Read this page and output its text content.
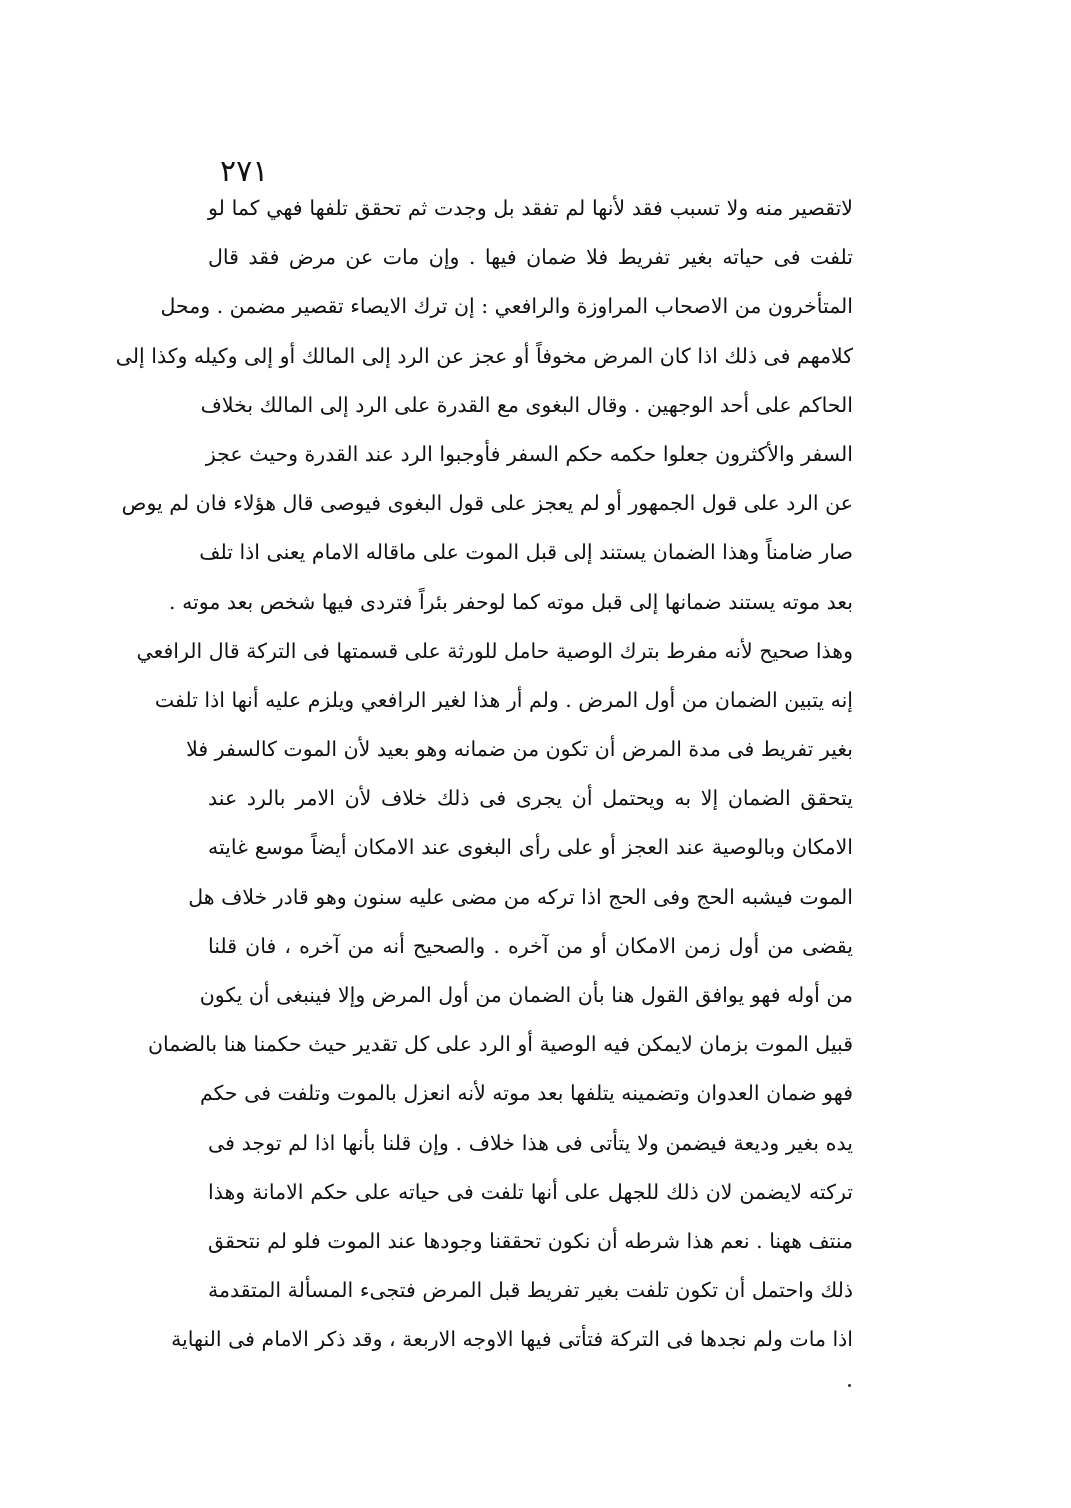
٢٧١
لاتقصير منه ولا تسبب فقد لأنها لم تفقد بل وجدت ثم تحقق تلفها فهي كما لو
تلفت فى حياته بغير تفريط فلا ضمان فيها . وإن مات عن مرض فقد قال
المتأخرون من الاصحاب المراوزة والرافعي : إن ترك الايصاء تقصير مضمن . ومحل
كلامهم فى ذلك اذا كان المرض مخوفاً أو عجز عن الرد إلى المالك أو إلى وكيله وكذا إلى
الحاكم على أحد الوجهين . وقال البغوى مع القدرة على الرد إلى المالك بخلاف
السفر والأكثرون جعلوا حكمه حكم السفر فأوجبوا الرد عند القدرة وحيث عجز
عن الرد على قول الجمهور أو لم يعجز على قول البغوى فيوصى قال هؤلاء فان لم يوص
صار ضامناً وهذا الضمان يستند إلى قبل الموت على ماقاله الامام يعنى اذا تلف
بعد موته يستند ضمانها إلى قبل موته كما لوحفر بئراً فتردى فيها شخص بعد موته .
وهذا صحيح لأنه مفرط بترك الوصية حامل للورثة على قسمتها فى التركة قال الرافعي
إنه يتبين الضمان من أول المرض . ولم أر هذا لغير الرافعي ويلزم عليه أنها اذا تلفت
بغير تفريط فى مدة المرض أن تكون من ضمانه وهو بعيد لأن الموت كالسفر فلا
يتحقق الضمان إلا به ويحتمل أن يجرى فى ذلك خلاف لأن الامر بالرد عند
الامكان وبالوصية عند العجز أو على رأى البغوى عند الامكان أيضاً موسع غايته
الموت فيشبه الحج وفى الحج اذا تركه من مضى عليه سنون وهو قادر خلاف هل
يقضى من أول زمن الامكان أو من آخره . والصحيح أنه من آخره ، فان قلنا
من أوله فهو يوافق القول هنا بأن الضمان من أول المرض وإلا فينبغى أن يكون
قبيل الموت بزمان لايمكن فيه الوصية أو الرد على كل تقدير حيث حكمنا هنا بالضمان
فهو ضمان العدوان وتضمينه يتلفها بعد موته لأنه انعزل بالموت وتلفت فى حكم
يده بغير وديعة فيضمن ولا يتأتى فى هذا خلاف . وإن قلنا بأنها اذا لم توجد فى
تركته لايضمن لان ذلك للجهل على أنها تلفت فى حياته على حكم الامانة وهذا
منتف ههنا . نعم هذا شرطه أن نكون تحققنا وجودها عند الموت فلو لم نتحقق
ذلك واحتمل أن تكون تلفت بغير تفريط قبل المرض فتجىء المسألة المتقدمة
اذا مات ولم نجدها فى التركة فتأتى فيها الاوجه الاربعة ، وقد ذكر الامام فى النهاية
